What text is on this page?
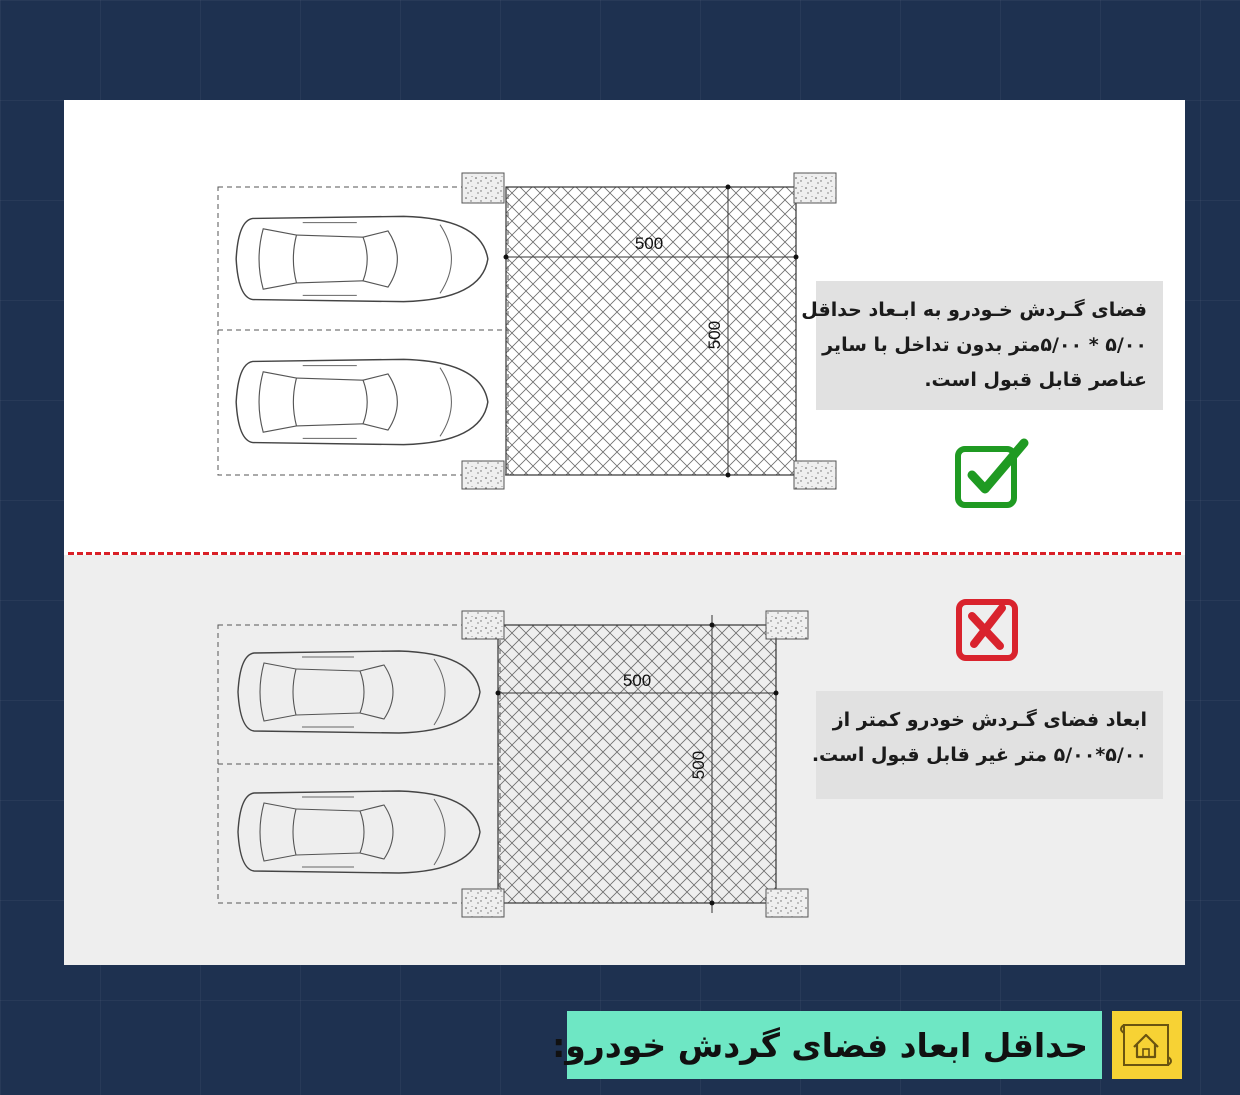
500
500
فضای گـردش خـودرو به ابـعاد حداقل
۵/۰۰ * ۵/۰۰متر بدون تداخل با سایر
عناصر قابل قبول است.
500
500
ابعاد فضای گـردش خودرو کمتر از
۵/۰۰*۵/۰۰ متر غیر قابل قبول است.
حداقل ابعاد فضای گردش خودرو:
